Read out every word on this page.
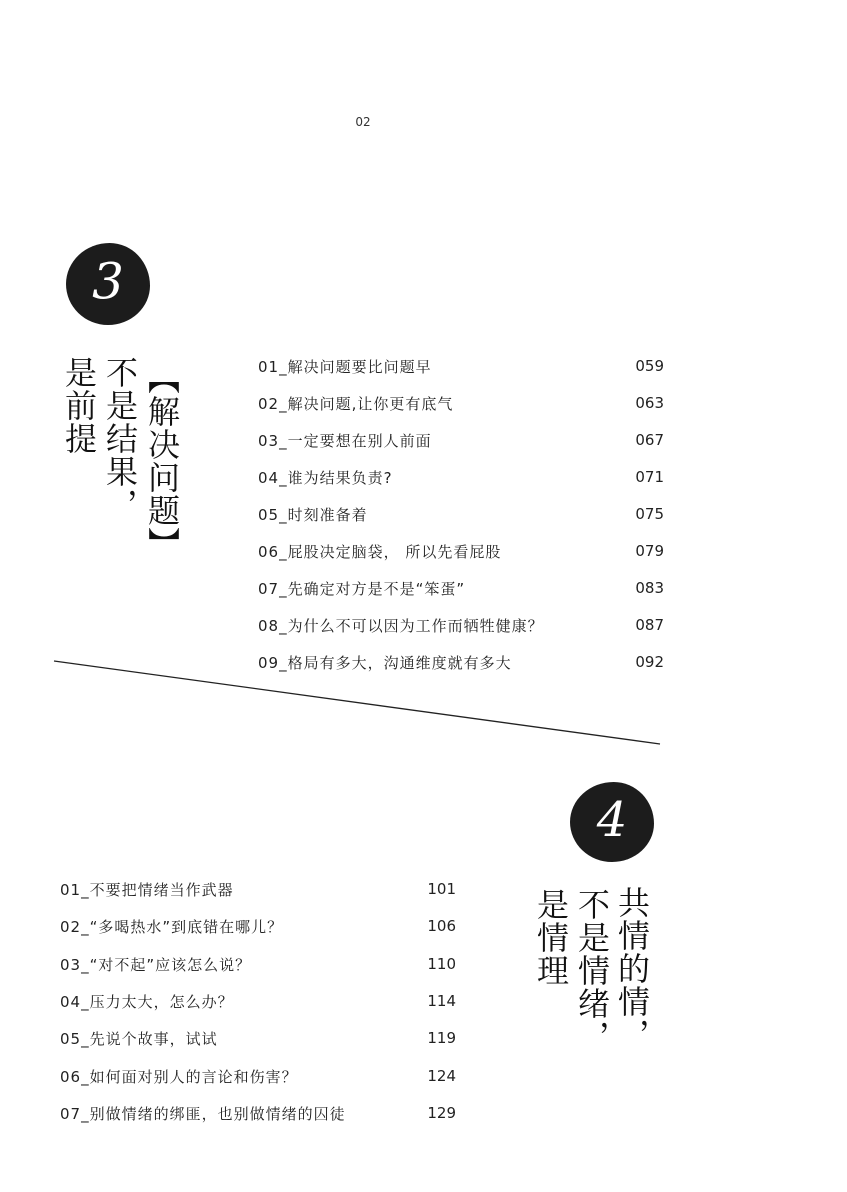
02
3
【解决问题】
不是结果，
是前提	01_解决问题要比问题早	059
02_解决问题,让你更有底气	063
03_一定要想在别人前面	067
04_谁为结果负责?	071
05_时刻准备着	075
06_屁股决定脑袋， 所以先看屁股	079
07_先确定对方是不是“笨蛋”	083
08_为什么不可以因为工作而牺牲健康？	087
09_格局有多大，沟通维度就有多大	092
4
共情的情，
不是情绪，
是情理
01_不要把情绪当作武器	101
02_“多喝热水”到底错在哪儿？	106
03_“对不起”应该怎么说？	110
04_压力太大，怎么办？	114
05_先说个故事，试试	119
06_如何面对别人的言论和伤害？	124
07_别做情绪的绑匪，也别做情绪的囚徒	129
